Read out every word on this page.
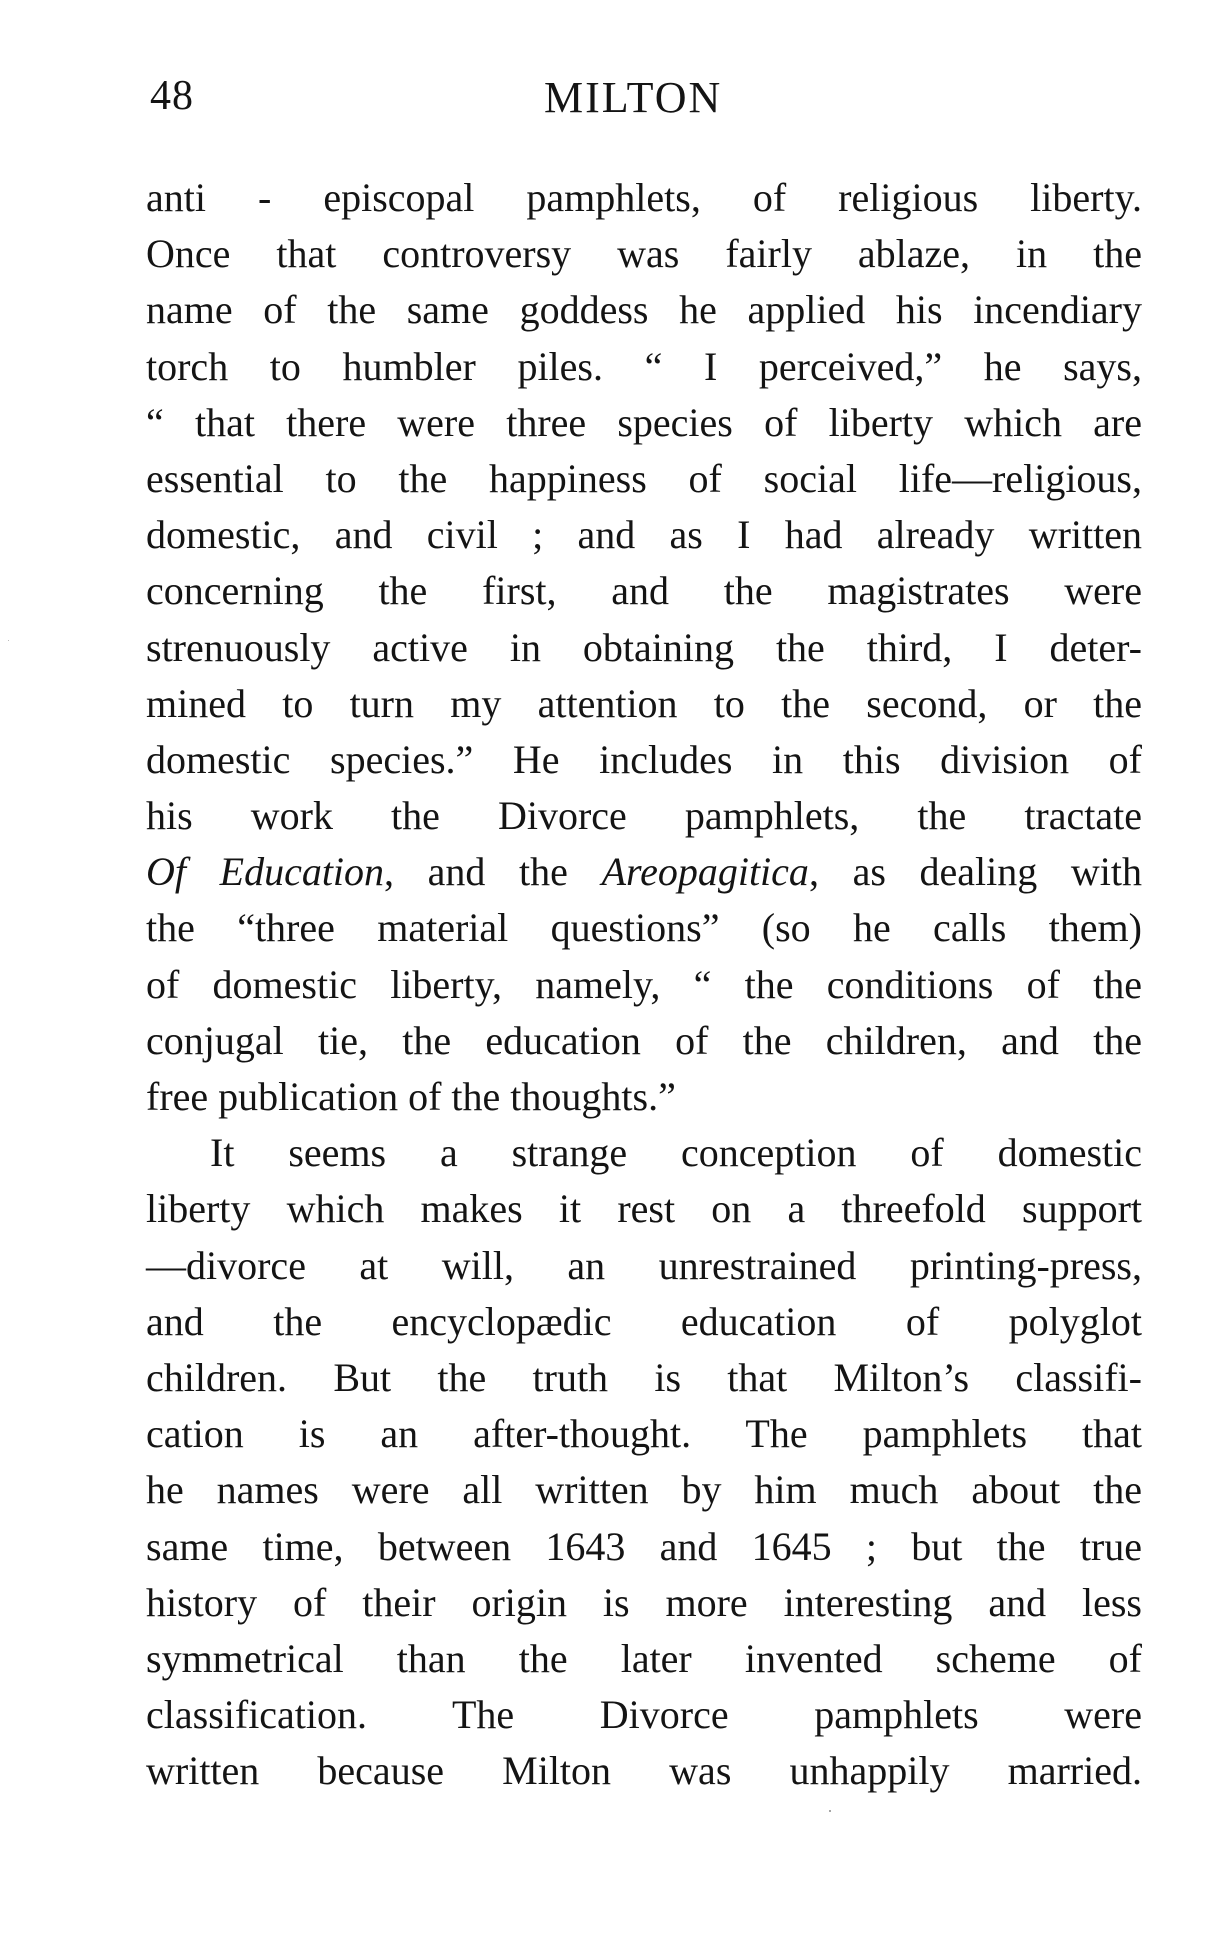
48	MILTON
anti - episcopal pamphlets, of religious liberty.
Once that controversy was fairly ablaze, in the
name of the same goddess he applied his incendiary
torch to humbler piles. “ I perceived,” he says,
“ that there were three species of liberty which are
essential to the happiness of social life—religious,
domestic, and civil ; and as I had already written
concerning the first, and the magistrates were
strenuously active in obtaining the third, I deter-
mined to turn my attention to the second, or the
domestic species.” He includes in this division of
his work the Divorce pamphlets, the tractate
Of Education, and the Areopagitica, as dealing with
the “three material questions” (so he calls them)
of domestic liberty, namely, “ the conditions of the
conjugal tie, the education of the children, and the
free publication of the thoughts.”
It seems a strange conception of domestic
liberty which makes it rest on a threefold support
—divorce at will, an unrestrained printing-press,
and the encyclopædic education of polyglot
children. But the truth is that Milton’s classifi-
cation is an after-thought. The pamphlets that
he names were all written by him much about the
same time, between 1643 and 1645 ; but the true
history of their origin is more interesting and less
symmetrical than the later invented scheme of
classification. The Divorce pamphlets were
written because Milton was unhappily married.
